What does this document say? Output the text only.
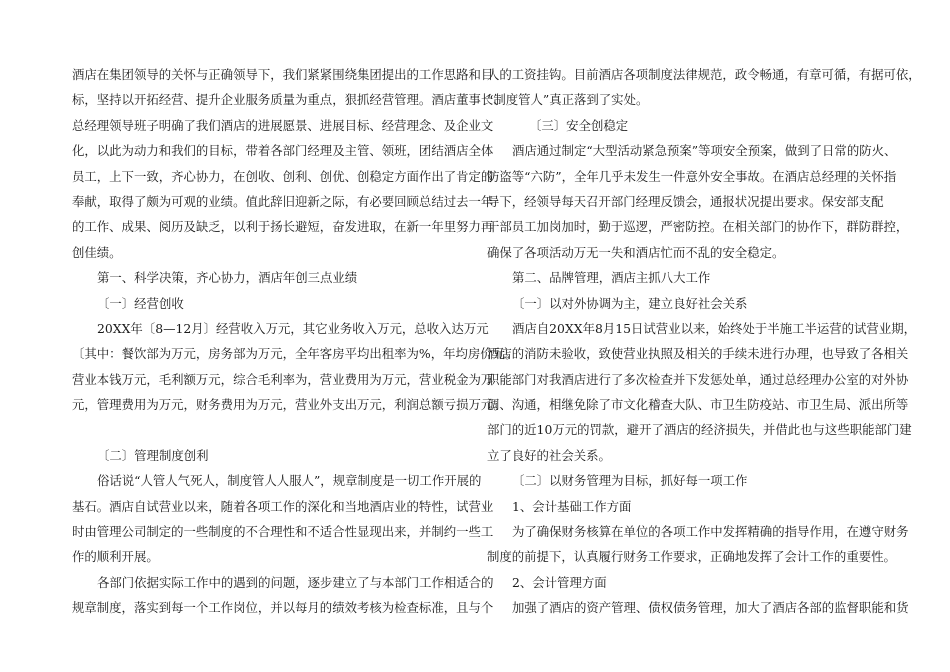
酒店在集团领导的关怀与正确领导下，我们紧紧围绕集团提出的工作思路和目
标，坚持以开拓经营、提升企业服务质量为重点，狠抓经营管理。酒店董事长、
总经理领导班子明确了我们酒店的进展愿景、进展目标、经营理念、及企业文
化，以此为动力和我们的目标，带着各部门经理及主管、领班，团结酒店全体
员工，上下一致，齐心协力，在创收、创利、创优、创稳定方面作出了肯定的
奉献，取得了颇为可观的业绩。值此辞旧迎新之际，有必要回顾总结过去一年
的工作、成果、阅历及缺乏，以利于扬长避短，奋发进取，在新一年里努力再
创佳绩。
第一、科学决策，齐心协力，酒店年创三点业绩
〔一〕经营创收
20XX年〔8—12月〕经营收入万元，其它业务收入万元，总收入达万元
〔其中：餐饮部为万元，房务部为万元，全年客房平均出租率为%，年均房价元。
营业本钱万元，毛利额万元，综合毛利率为，营业费用为万元，营业税金为万
元，管理费用为万元，财务费用为万元，营业外支出万元，利润总额亏损万元。
〔二〕管理制度创利
俗话说“人管人气死人，制度管人人服人”，规章制度是一切工作开展的
基石。酒店自试营业以来，随着各项工作的深化和当地酒店业的特性，试营业
时由管理公司制定的一些制度的不合理性和不适合性显现出来，并制约一些工
作的顺利开展。
各部门依据实际工作中的遇到的问题，逐步建立了与本部门工作相适合的
规章制度，落实到每一个工作岗位，并以每月的绩效考核为检查标准，且与个
人的工资挂钩。目前酒店各项制度法律规范，政令畅通，有章可循，有据可依，
“制度管人”真正落到了实处。
〔三〕安全创稳定
酒店通过制定“大型活动紧急预案”等项安全预案，做到了日常的防火、
防盗等“六防”，全年几乎未发生一件意外安全事故。在酒店总经理的关怀指
导下，经领导每天召开部门经理反馈会，通报状况提出要求。保安部支配
干部员工加岗加时，勤于巡逻，严密防控。在相关部门的协作下，群防群控，
确保了各项活动万无一失和酒店忙而不乱的安全稳定。
第二、品牌管理，酒店主抓八大工作
〔一〕以对外协调为主，建立良好社会关系
酒店自20XX年8月15日试营业以来，始终处于半施工半运营的试营业期，
酒店的消防未验收，致使营业执照及相关的手续未进行办理，也导致了各相关
职能部门对我酒店进行了多次检查并下发惩处单，通过总经理办公室的对外协
调、沟通，相继免除了市文化稽查大队、市卫生防疫站、市卫生局、派出所等
部门的近10万元的罚款，避开了酒店的经济损失，并借此也与这些职能部门建
立了良好的社会关系。
〔二〕以财务管理为目标，抓好每一项工作
1、会计基础工作方面
为了确保财务核算在单位的各项工作中发挥精确的指导作用，在遵守财务
制度的前提下，认真履行财务工作要求，正确地发挥了会计工作的重要性。
2、会计管理方面
加强了酒店的资产管理、债权债务管理，加大了酒店各部的监督职能和货
